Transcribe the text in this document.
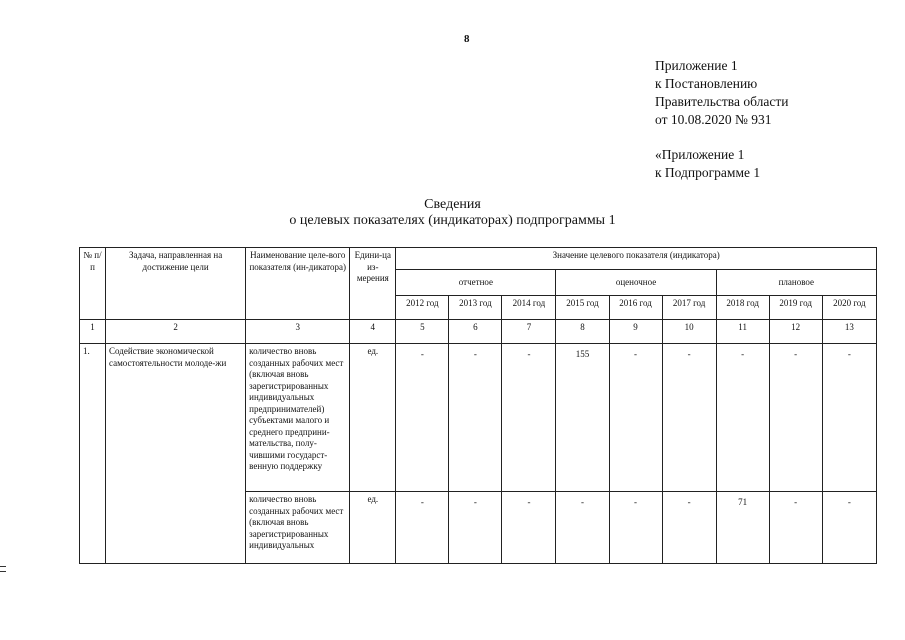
8
Приложение 1
к Постановлению
Правительства области
от 10.08.2020 № 931
«Приложение 1
к Подпрограмме 1
Сведения
о целевых показателях (индикаторах) подпрограммы 1
№ п/п	Задача, направленная на достижение цели	Наименование целе-вого показателя (ин-дикатора)	Едини-ца из-мерения	Значение целевого показателя (индикатора)								
				отчетное			оценочное			плановое		
				2012 год	2013 год	2014 год	2015 год	2016 год	2017 год	2018 год	2019 год	2020 год
1	2	3	4	5	6	7	8	9	10	11	12	13
1.	Содействие экономической самостоятельности молоде-жи	количество вновь созданных рабочих мест (включая вновь зарегистрированных индивидуальных предпринимателей) субъектами малого и среднего предприни-мательства, полу-чившими государст-венную поддержку	ед.	-	-	-	155	-	-	-	-	-
		количество вновь созданных рабочих мест (включая вновь зарегистрированных индивидуальных	ед.	-	-	-	-	-	-	71	-	-
